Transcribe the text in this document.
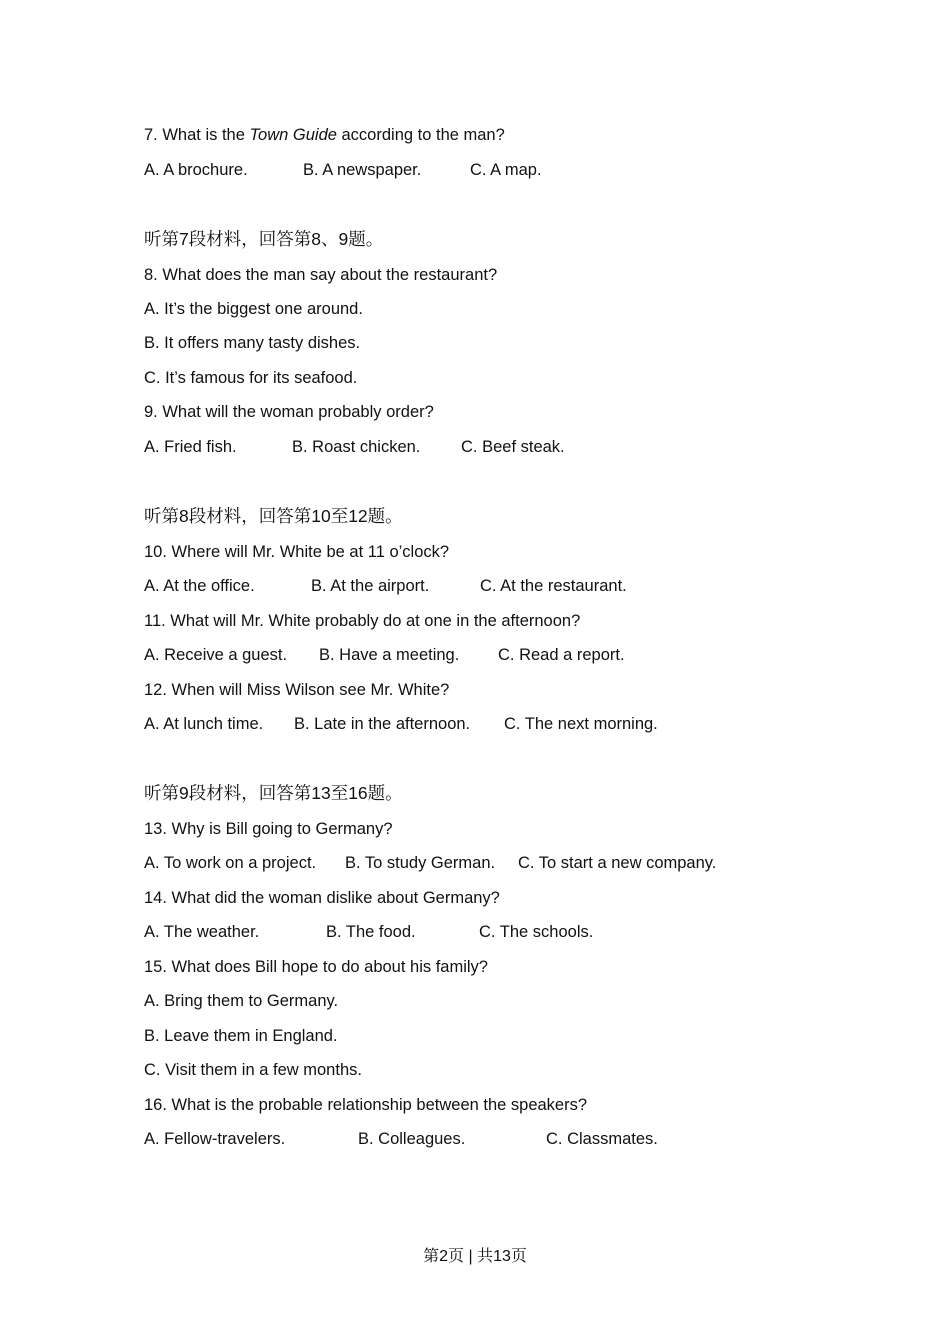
7. What is the Town Guide according to the man?
A. A brochure.	B. A newspaper.	C. A map.
听第7段材料，回答第8、9题。
8. What does the man say about the restaurant?
A. It’s the biggest one around.
B. It offers many tasty dishes.
C. It’s famous for its seafood.
9. What will the woman probably order?
A. Fried fish.	B. Roast chicken. C. Beef steak.
听第8段材料，回答第10至12题。
10. Where will Mr. White be at 11 o’clock?
A. At the office.	B. At the airport.	C. At the restaurant.
11. What will Mr. White probably do at one in the afternoon?
A. Receive a guest. B. Have a meeting. C. Read a report.
12. When will Miss Wilson see Mr. White?
A. At lunch time. B. Late in the afternoon. C. The next morning.
听第9段材料，回答第13至16题。
13. Why is Bill going to Germany?
A. To work on a project. B. To study German. C. To start a new company.
14. What did the woman dislike about Germany?
A. The weather.	B. The food.	C. The schools.
15. What does Bill hope to do about his family?
A. Bring them to Germany.
B. Leave them in England.
C. Visit them in a few months.
16. What is the probable relationship between the speakers?
A. Fellow-travelers.	B. Colleagues.	C. Classmates.
第2页 | 共13页
